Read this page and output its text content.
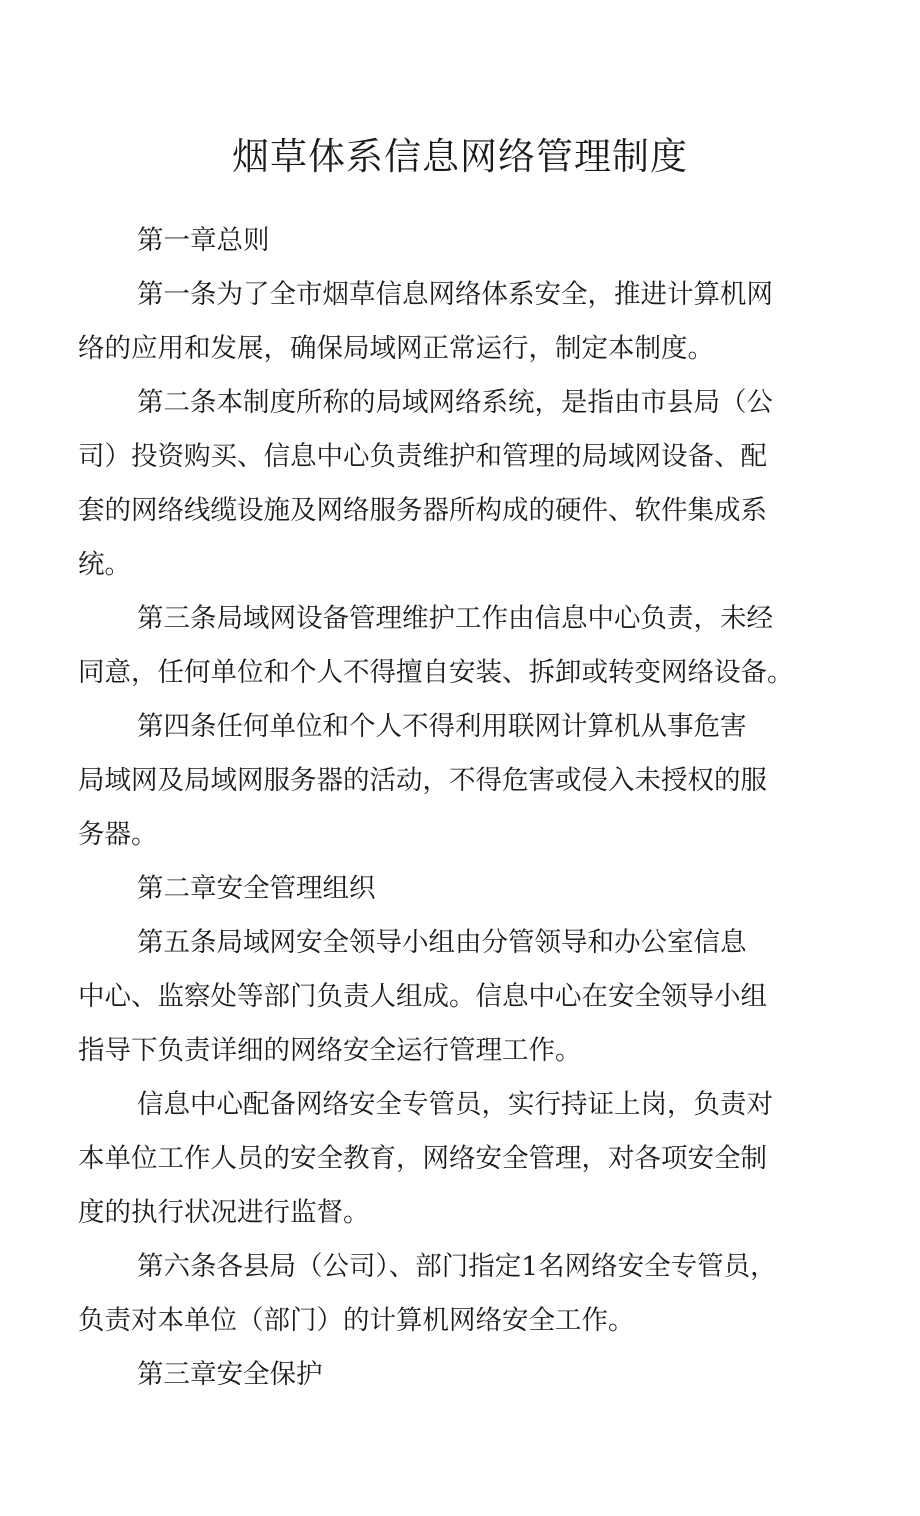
烟草体系信息网络管理制度
第一章总则
第一条为了全市烟草信息网络体系安全，推进计算机网
络的应用和发展，确保局域网正常运行，制定本制度。
第二条本制度所称的局域网络系统，是指由市县局（公
司）投资购买、信息中心负责维护和管理的局域网设备、配
套的网络线缆设施及网络服务器所构成的硬件、软件集成系
统。
第三条局域网设备管理维护工作由信息中心负责，未经
同意，任何单位和个人不得擅自安装、拆卸或转变网络设备。
第四条任何单位和个人不得利用联网计算机从事危害
局域网及局域网服务器的活动，不得危害或侵入未授权的服
务器。
第二章安全管理组织
第五条局域网安全领导小组由分管领导和办公室信息
中心、监察处等部门负责人组成。信息中心在安全领导小组
指导下负责详细的网络安全运行管理工作。
信息中心配备网络安全专管员，实行持证上岗，负责对
本单位工作人员的安全教育，网络安全管理，对各项安全制
度的执行状况进行监督。
第六条各县局（公司）、部门指定1名网络安全专管员，
负责对本单位（部门）的计算机网络安全工作。
第三章安全保护
